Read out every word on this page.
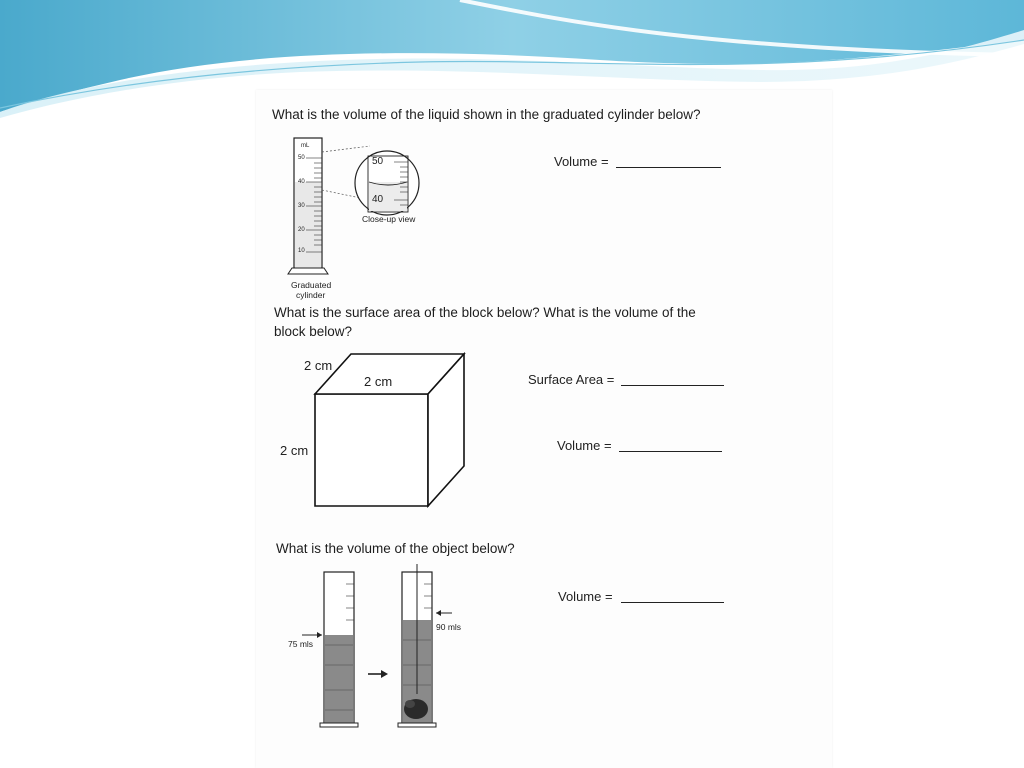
What is the volume of the liquid shown in the graduated cylinder below?
mL
50
40
30
20
10
50
40
Close-up view
Graduated
cylinder
Volume =
What is the surface area of the block below? What is the volume of the
block below?
2 cm
2 cm
2 cm
Surface Area =
Volume =
What is the volume of the object below?
75 mls
90 mls
Volume =
